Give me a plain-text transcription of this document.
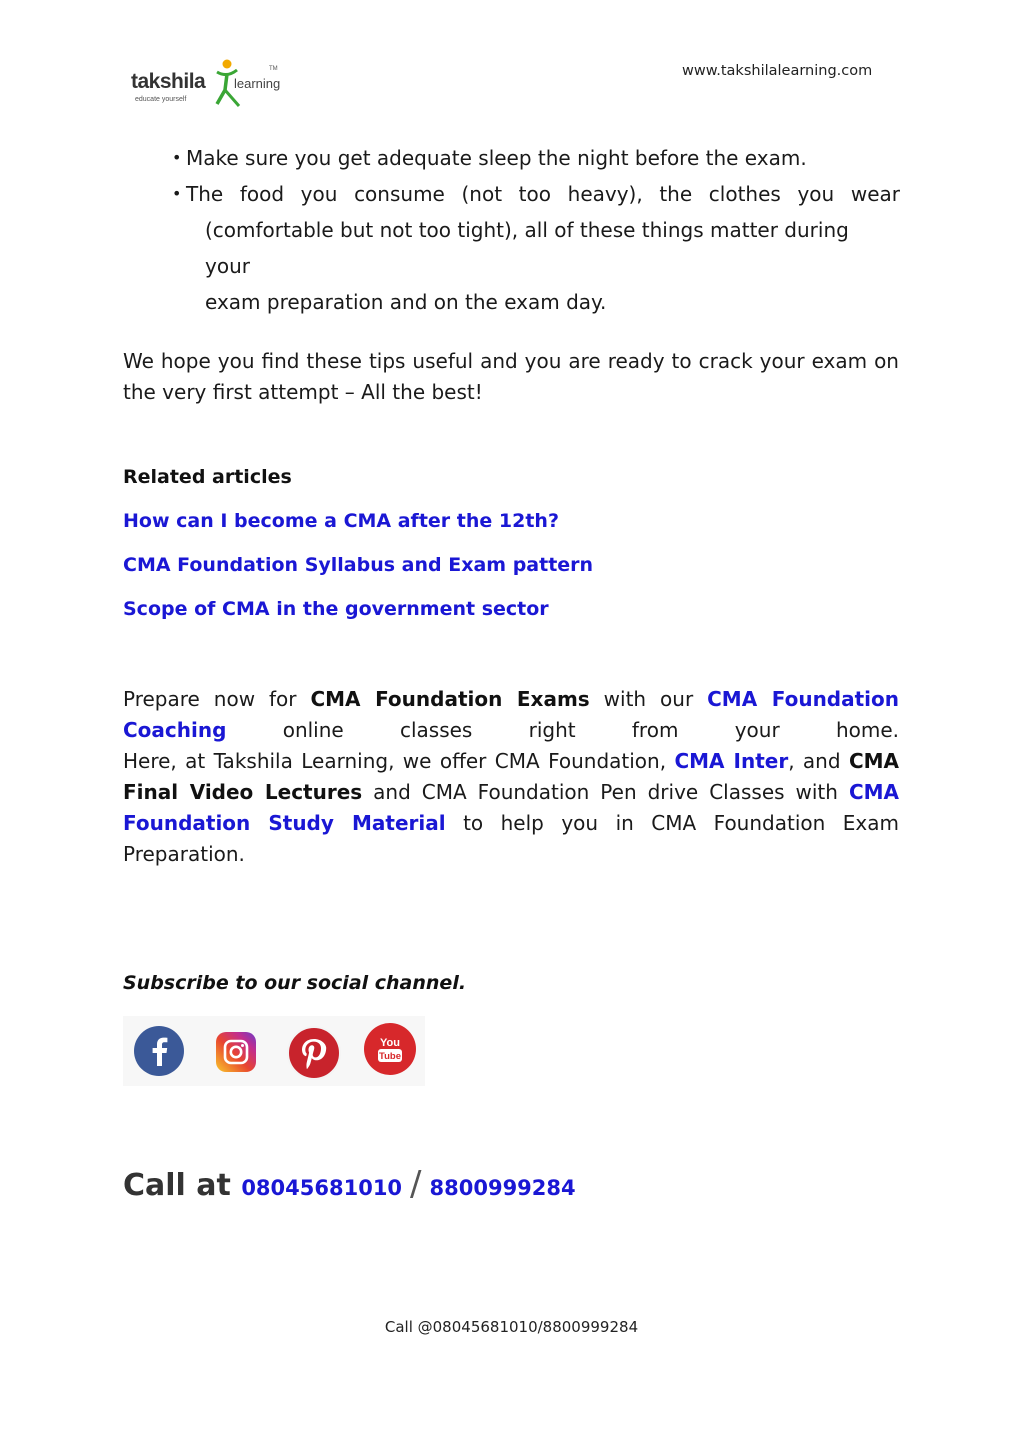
takshila learning
TM
educate yourself
www.takshilalearning.com
• Make sure you get adequate sleep the night before the exam.
• The food you consume (not too heavy), the clothes you wear
(comfortable but not too tight), all of these things matter during your
exam preparation and on the exam day.
We hope you find these tips useful and you are ready to crack your exam on
the very first attempt – All the best!
Related articles
How can I become a CMA after the 12th?
CMA Foundation Syllabus and Exam pattern
Scope of CMA in the government sector
Prepare now for CMA Foundation Exams with our CMA Foundation
Coaching	online classes right from your home.
Here, at Takshila Learning, we offer CMA Foundation, CMA Inter, and CMA
Final Video Lectures and CMA Foundation Pen drive Classes with CMA
Foundation Study Material to help you in CMA Foundation Exam
Preparation.
Subscribe to our social channel.
You
Tube
Call at 08045681010 / 8800999284
Call @08045681010/8800999284
